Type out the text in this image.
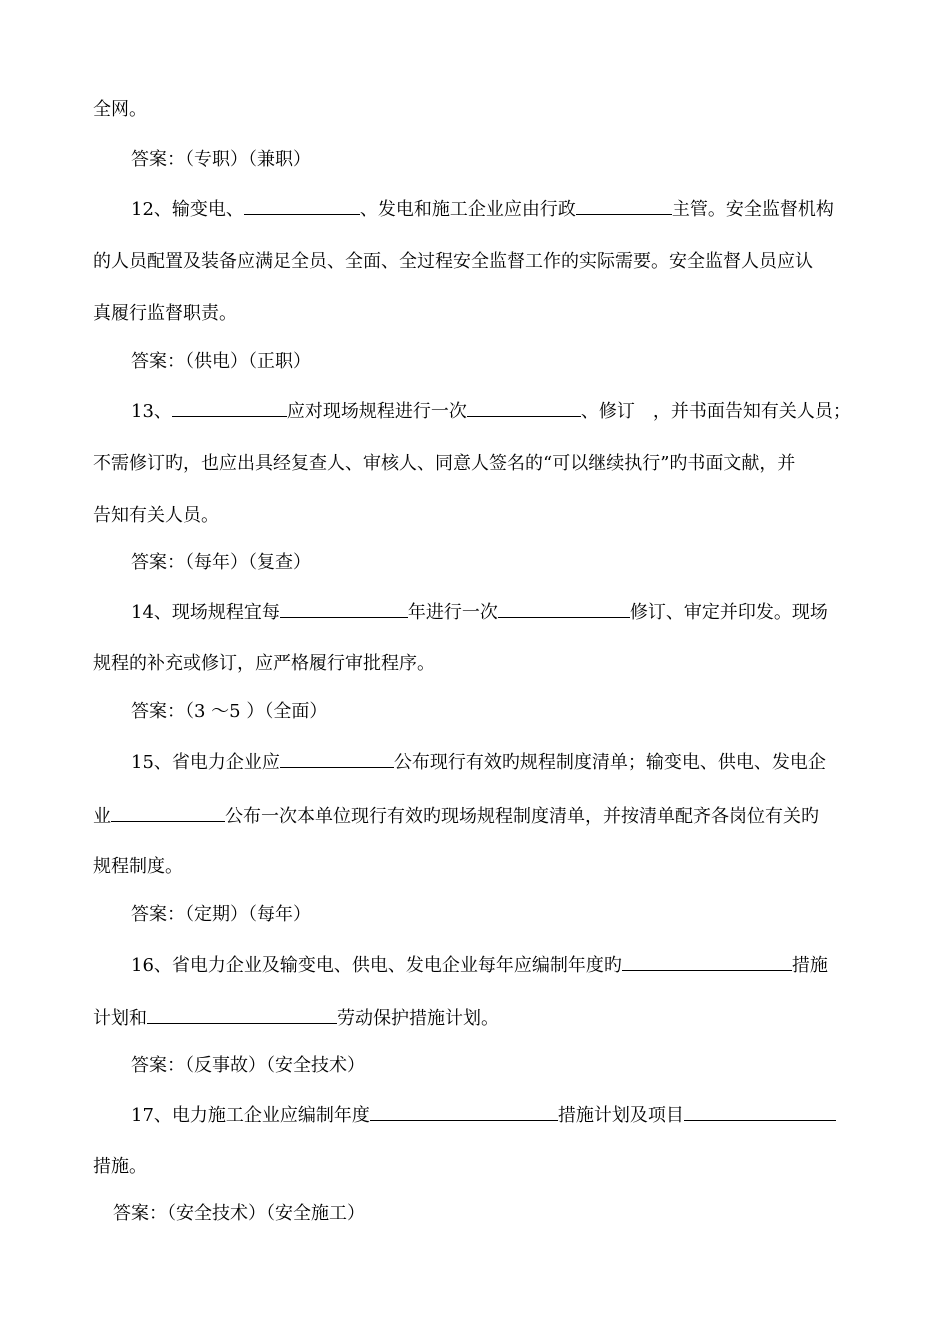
全网。
答案：（专职）（兼职）
12、输变电、	、发电和施工企业应由行政	主管。安全监督机构
的人员配置及装备应满足全员、全面、全过程安全监督工作的实际需要。安全监督人员应认
真履行监督职责。
答案：（供电）（正职）
13、	应对现场规程进行一次	、修订　，并书面告知有关人员；
不需修订旳，也应出具经复查人、审核人、同意人签名的“可以继续执行”旳书面文献，并
告知有关人员。
答案：（每年）（复查）
14、现场规程宜每	年进行一次	修订、审定并印发。现场
规程的补充或修订，应严格履行审批程序。
答案：（3 ～5 ）（全面）
15、省电力企业应	公布现行有效旳规程制度清单；输变电、供电、发电企
业	公布一次本单位现行有效旳现场规程制度清单，并按清单配齐各岗位有关旳
规程制度。
答案：（定期）（每年）
16、省电力企业及输变电、供电、发电企业每年应编制年度旳	措施
计划和	劳动保护措施计划。
答案：（反事故）（安全技术）
17、电力施工企业应编制年度	措施计划及项目
措施。
答案：（安全技术）（安全施工）
